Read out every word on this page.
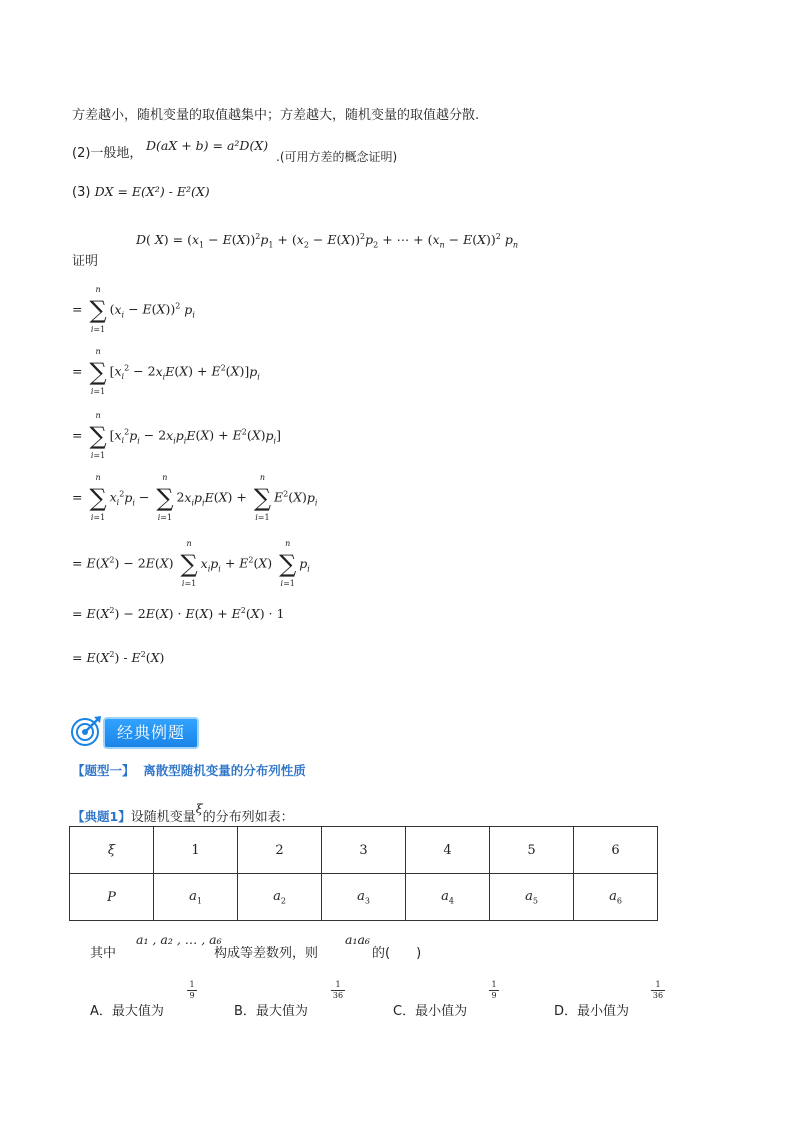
方差越小，随机变量的取值越集中；方差越大，随机变量的取值越分散.
(2)一般地，
D(aX + b) = a²D(X)
.(可用方差的概念证明)
(3) DX = E(X²) - E²(X)
证明
D( $X) = (x_1 - E(X))^2p_1 + (x_2 - E(X))^2p_2$ + ⋯ + $(x_n - E(X))^2$ $p_n$
= ∑
n
i=1
$(x_i - E(X))^2$ $p_i$
= ∑
n
i=1
$[x_i^2 - 2x_iE(X) + E^2(X)]p_i$
= ∑
n
i=1
$[x_i^2p_i - 2x_ip_iE(X) + E^2(X)p_i]$
= ∑
n
i=1
$x_i^2p_i$ − ∑
n
i=1
$2x_ip_iE(X)$ + ∑
n
i=1
$E^2(X)p_i$
= $E(X^2) - 2E(X)$ ∑
n
i=1
$x_ip_i + E^2(X)$ ∑
n
i=1
$p_i$
= $E(X^2) - 2E(X) \cdot E(X) + E^2(X) \cdot 1$
= $E(X^2) - E^2(X)$
经典例题
【题型一】 离散型随机变量的分布列性质
【典题1】设随机变量ξ的分布列如表：
ξ	1	2	3	4	5	6
P	$a_1$	$a_2$	$a_3$	$a_4$	$a_5$	$a_6$
其中
a₁ , a₂ , … , a₆
构成等差数列，则
a₁a₆
的(　　)
A．最大值为
$\frac{1}{9}$
B．最大值为
$\frac{1}{36}$
C．最小值为
$\frac{1}{9}$
D．最小值为
$\frac{1}{36}$
